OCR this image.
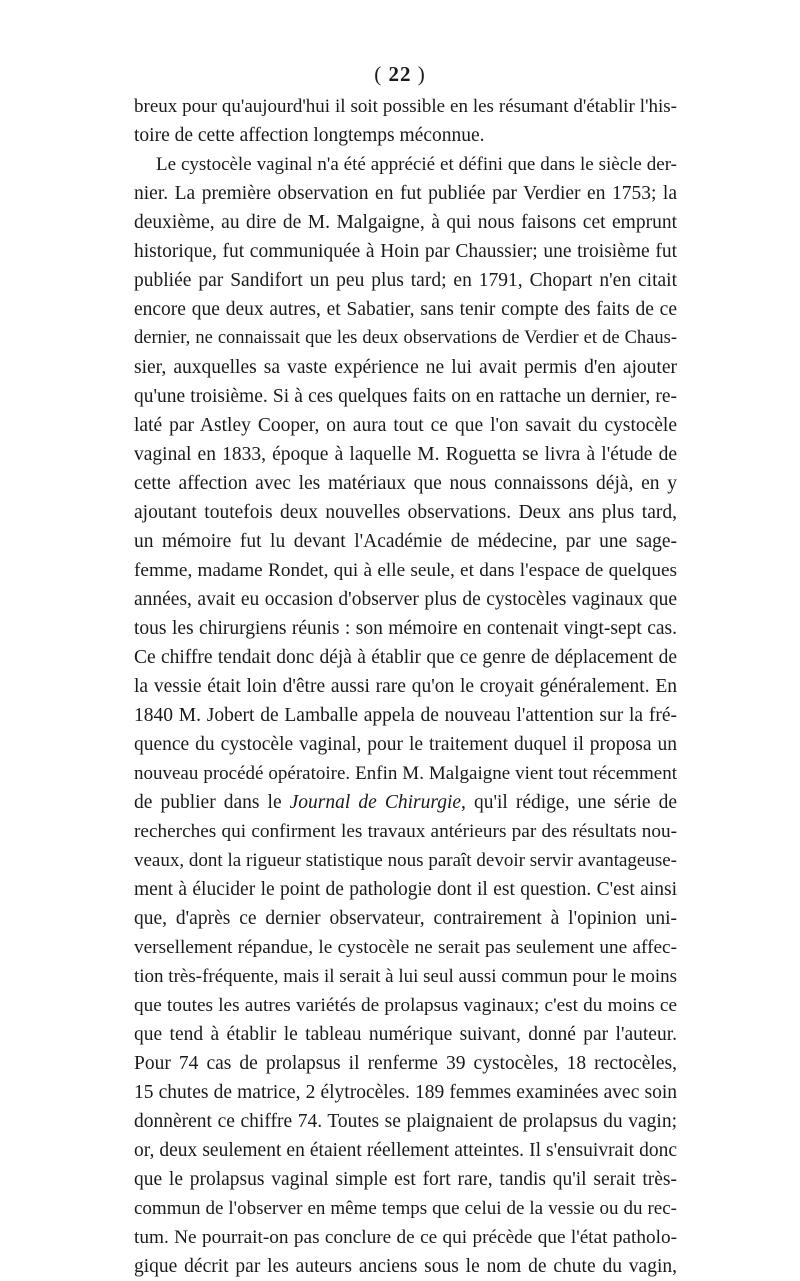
( 22 )
breux pour qu'aujourd'hui il soit possible en les résumant d'établir l'his-
toire de cette affection longtemps méconnue.
Le cystocèle vaginal n'a été apprécié et défini que dans le siècle der-
nier. La première observation en fut publiée par Verdier en 1753; la
deuxième, au dire de M. Malgaigne, à qui nous faisons cet emprunt
historique, fut communiquée à Hoin par Chaussier; une troisième fut
publiée par Sandifort un peu plus tard; en 1791, Chopart n'en citait
encore que deux autres, et Sabatier, sans tenir compte des faits de ce
dernier, ne connaissait que les deux observations de Verdier et de Chaus-
sier, auxquelles sa vaste expérience ne lui avait permis d'en ajouter
qu'une troisième. Si à ces quelques faits on en rattache un dernier, re-
laté par Astley Cooper, on aura tout ce que l'on savait du cystocèle
vaginal en 1833, époque à laquelle M. Roguetta se livra à l'étude de
cette affection avec les matériaux que nous connaissons déjà, en y
ajoutant toutefois deux nouvelles observations. Deux ans plus tard,
un mémoire fut lu devant l'Académie de médecine, par une sage-
femme, madame Rondet, qui à elle seule, et dans l'espace de quelques
années, avait eu occasion d'observer plus de cystocèles vaginaux que
tous les chirurgiens réunis : son mémoire en contenait vingt-sept cas.
Ce chiffre tendait donc déjà à établir que ce genre de déplacement de
la vessie était loin d'être aussi rare qu'on le croyait généralement. En
1840 M. Jobert de Lamballe appela de nouveau l'attention sur la fré-
quence du cystocèle vaginal, pour le traitement duquel il proposa un
nouveau procédé opératoire. Enfin M. Malgaigne vient tout récemment
de publier dans le Journal de Chirurgie, qu'il rédige, une série de
recherches qui confirment les travaux antérieurs par des résultats nou-
veaux, dont la rigueur statistique nous paraît devoir servir avantageuse-
ment à élucider le point de pathologie dont il est question. C'est ainsi
que, d'après ce dernier observateur, contrairement à l'opinion uni-
versellement répandue, le cystocèle ne serait pas seulement une affec-
tion très-fréquente, mais il serait à lui seul aussi commun pour le moins
que toutes les autres variétés de prolapsus vaginaux; c'est du moins ce
que tend à établir le tableau numérique suivant, donné par l'auteur.
Pour 74 cas de prolapsus il renferme 39 cystocèles, 18 rectocèles,
15 chutes de matrice, 2 élytrocèles. 189 femmes examinées avec soin
donnèrent ce chiffre 74. Toutes se plaignaient de prolapsus du vagin;
or, deux seulement en étaient réellement atteintes. Il s'ensuivrait donc
que le prolapsus vaginal simple est fort rare, tandis qu'il serait très-
commun de l'observer en même temps que celui de la vessie ou du rec-
tum. Ne pourrait-on pas conclure de ce qui précède que l'état patholo-
gique décrit par les auteurs anciens sous le nom de chute du vagin,
